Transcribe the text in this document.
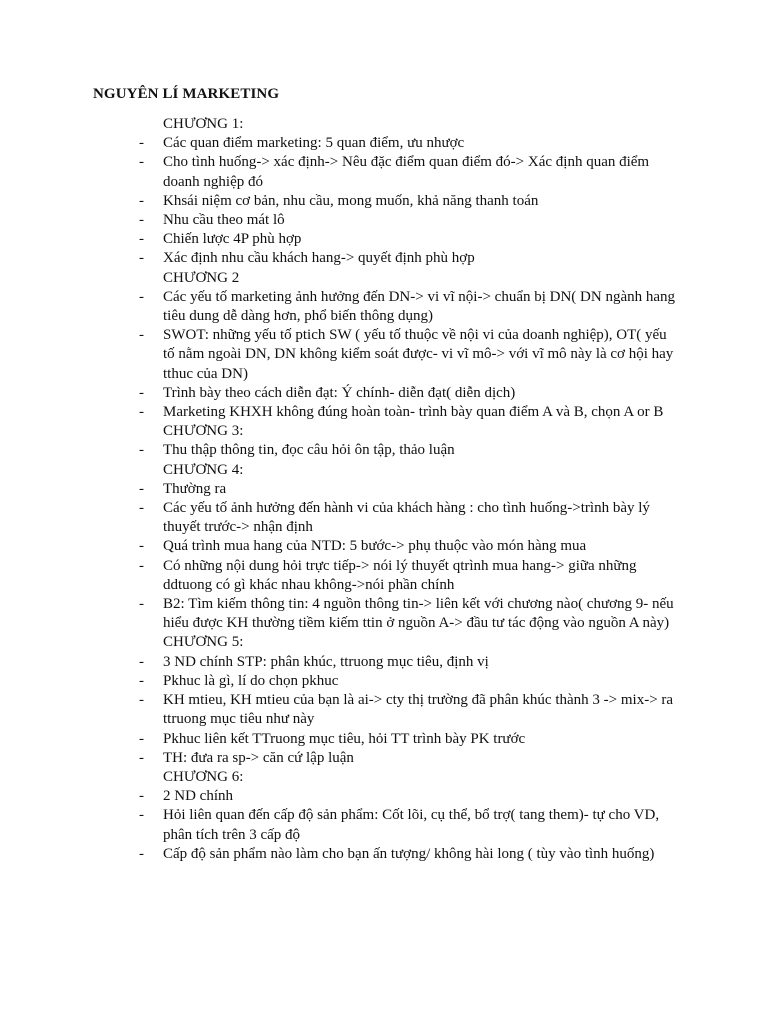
NGUYÊN LÍ MARKETING
CHƯƠNG 1:
-	Các quan điểm marketing: 5 quan điểm, ưu nhược
-	Cho tình huống-> xác định-> Nêu đặc điểm quan điểm đó-> Xác định quan điểm doanh nghiệp đó
-	Khsái niệm cơ bản, nhu cầu, mong muốn, khả năng thanh toán
-	Nhu cầu theo mát lô
-	Chiến lược 4P phù hợp
-	Xác định nhu cầu khách hang-> quyết định phù hợp
CHƯƠNG 2
-	Các yếu tố marketing ảnh hưởng đến DN-> vi vĩ nội-> chuẩn bị DN( DN ngành hang tiêu dung dễ dàng hơn, phổ biến thông dụng)
-	SWOT: những yếu tố ptich SW ( yếu tố thuộc về nội vi của doanh nghiệp), OT( yếu tố nằm ngoài DN, DN không kiểm soát được- vi vĩ mô-> với vĩ mô này là cơ hội hay tthuc của DN)
-	Trình bày theo cách diễn đạt: Ý chính- diễn đạt( diễn dịch)
-	Marketing KHXH không đúng hoàn toàn- trình bày quan điểm A và B, chọn A or B
CHƯƠNG 3:
-	Thu thập thông tin, đọc câu hỏi ôn tập, thảo luận
CHƯƠNG 4:
-	Thường ra
-	Các yếu tố ảnh hưởng đến hành vi của khách hàng : cho tình huống->trình bày lý thuyết trước-> nhận định
-	Quá trình mua hang của NTD: 5 bước-> phụ thuộc vào món hàng mua
-	Có những nội dung hỏi trực tiếp-> nói lý thuyết qtrình mua hang-> giữa những ddtuong có gì khác nhau không->nói phần chính
-	B2: Tìm kiếm thông tin: 4 nguồn thông tin-> liên kết với chương nào( chương 9- nếu hiểu được KH thường tiềm kiếm ttin ở nguồn A-> đầu tư tác động vào nguồn A này)
CHƯƠNG 5:
-	3 ND chính STP: phân khúc, ttruong mục tiêu, định vị
-	Pkhuc là gì, lí do chọn pkhuc
-	KH mtieu, KH mtieu của bạn là ai-> cty thị trường đã phân khúc thành 3 -> mix-> ra ttruong mục tiêu như này
-	Pkhuc liên kết TTruong mục tiêu, hỏi TT trình bày PK trước
-	TH: đưa ra sp-> căn cứ lập luận
CHƯƠNG 6:
-	2 ND chính
-	Hỏi liên quan đến cấp độ sản phẩm: Cốt lõi, cụ thể, bổ trợ( tang them)- tự cho VD, phân tích trên 3 cấp độ
-	Cấp độ sản phẩm nào làm cho bạn ấn tượng/ không hài long ( tùy vào tình huống)
